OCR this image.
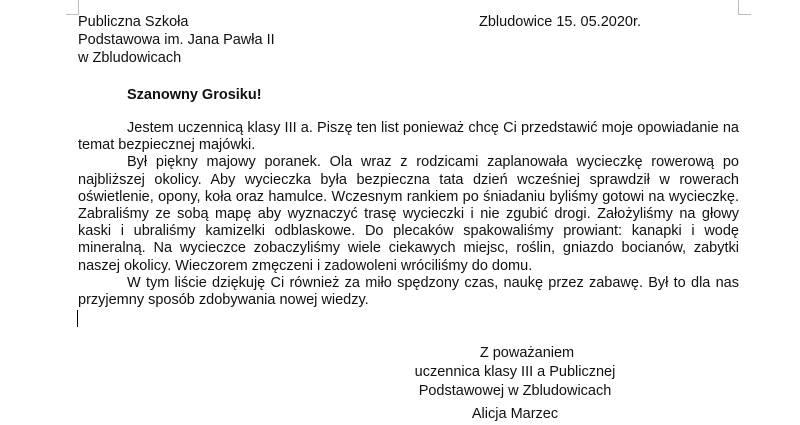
Publiczna Szkoła
Podstawowa im. Jana Pawła II
w Zbludowicach
Zbludowice 15. 05.2020r.
Szanowny Grosiku!

Jestem uczennicą klasy III a. Piszę ten list ponieważ chcę Ci przedstawić moje opowiadanie na temat bezpiecznej majówki.

Był piękny majowy poranek. Ola wraz z rodzicami zaplanowała wycieczkę rowerową po najbliższej okolicy. Aby wycieczka była bezpieczna tata dzień wcześniej sprawdził w rowerach oświetlenie, opony, koła oraz hamulce. Wczesnym rankiem po śniadaniu byliśmy gotowi na wycieczkę. Zabraliśmy ze sobą mapę aby wyznaczyć trasę wycieczki i nie zgubić drogi. Założyliśmy na głowy kaski i ubraliśmy kamizelki odblaskowe. Do plecaków spakowaliśmy prowiant: kanapki i wodę mineralną. Na wycieczce zobaczyliśmy wiele ciekawych miejsc, roślin, gniazdo bocianów, zabytki naszej okolicy. Wieczorem zmęczeni i zadowoleni wróciliśmy do domu.

W tym liście dziękuję Ci również za miło spędzony czas, naukę przez zabawę. Był to dla nas przyjemny sposób zdobywania nowej wiedzy.

Z poważaniem
uczennica klasy III a Publicznej
Podstawowej w Zbludowicach
Alicja Marzec
